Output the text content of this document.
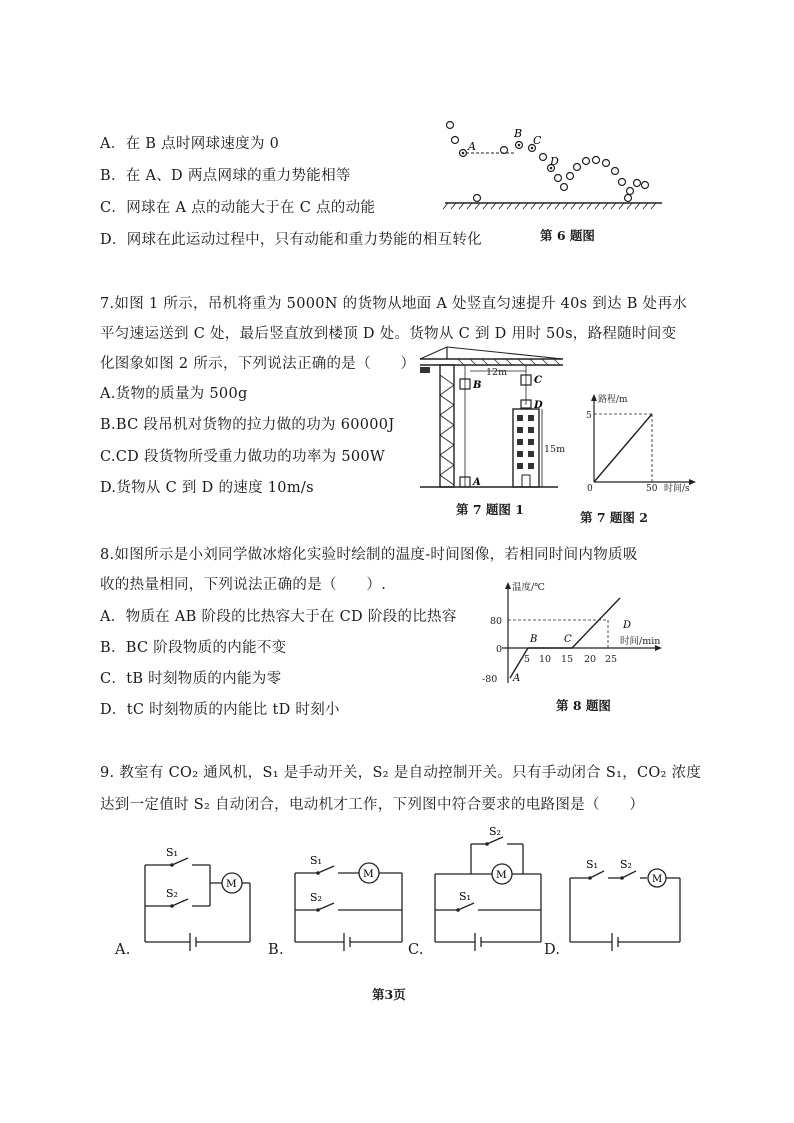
A．在 B 点时网球速度为 0
B．在 A、D 两点网球的重力势能相等
C．网球在 A 点的动能大于在 C 点的动能
D．网球在此运动过程中，只有动能和重力势能的相互转化
A
B
C
D
第 6 题图
7.如图 1 所示，吊机将重为 5000N 的货物从地面 A 处竖直匀速提升 40s 到达 B 处再水
平匀速运送到 C 处，最后竖直放到楼顶 D 处。货物从 C 到 D 用时 50s，路程随时间变
化图象如图 2 所示，下列说法正确的是（　　）
A.货物的质量为 500g
B.BC 段吊机对货物的拉力做的功为 60000J
C.CD 段货物所受重力做功的功率为 500W
D.货物从 C 到 D 的速度 10m/s
12m
B	C
D
15m
A
第 7 题图 1
路程/m
5
0	50 时间/s
第 7 题图 2
8.如图所示是小刘同学做冰熔化实验时绘制的温度-时间图像，若相同时间内物质吸
收的热量相同，下列说法正确的是（　　）.
A．物质在 AB 阶段的比热容大于在 CD 阶段的比热容
B．BC 阶段物质的内能不变
C．tB 时刻物质的内能为零
D．tC 时刻物质的内能比 tD 时刻小
温度/℃
时间/min
80
0
-80
5 10 15 20 25
A
B	C
D
第 8 题图
9. 教室有 CO₂ 通风机，S₁ 是手动开关，S₂ 是自动控制开关。只有手动闭合 S₁，CO₂ 浓度
达到一定值时 S₂ 自动闭合，电动机才工作，下列图中符合要求的电路图是（　　）
S₁
S₂
M
A.
S₁
S₂
M
B.
S₂
S₁
M
C.
S₁ S₂
M
D.
第3页
